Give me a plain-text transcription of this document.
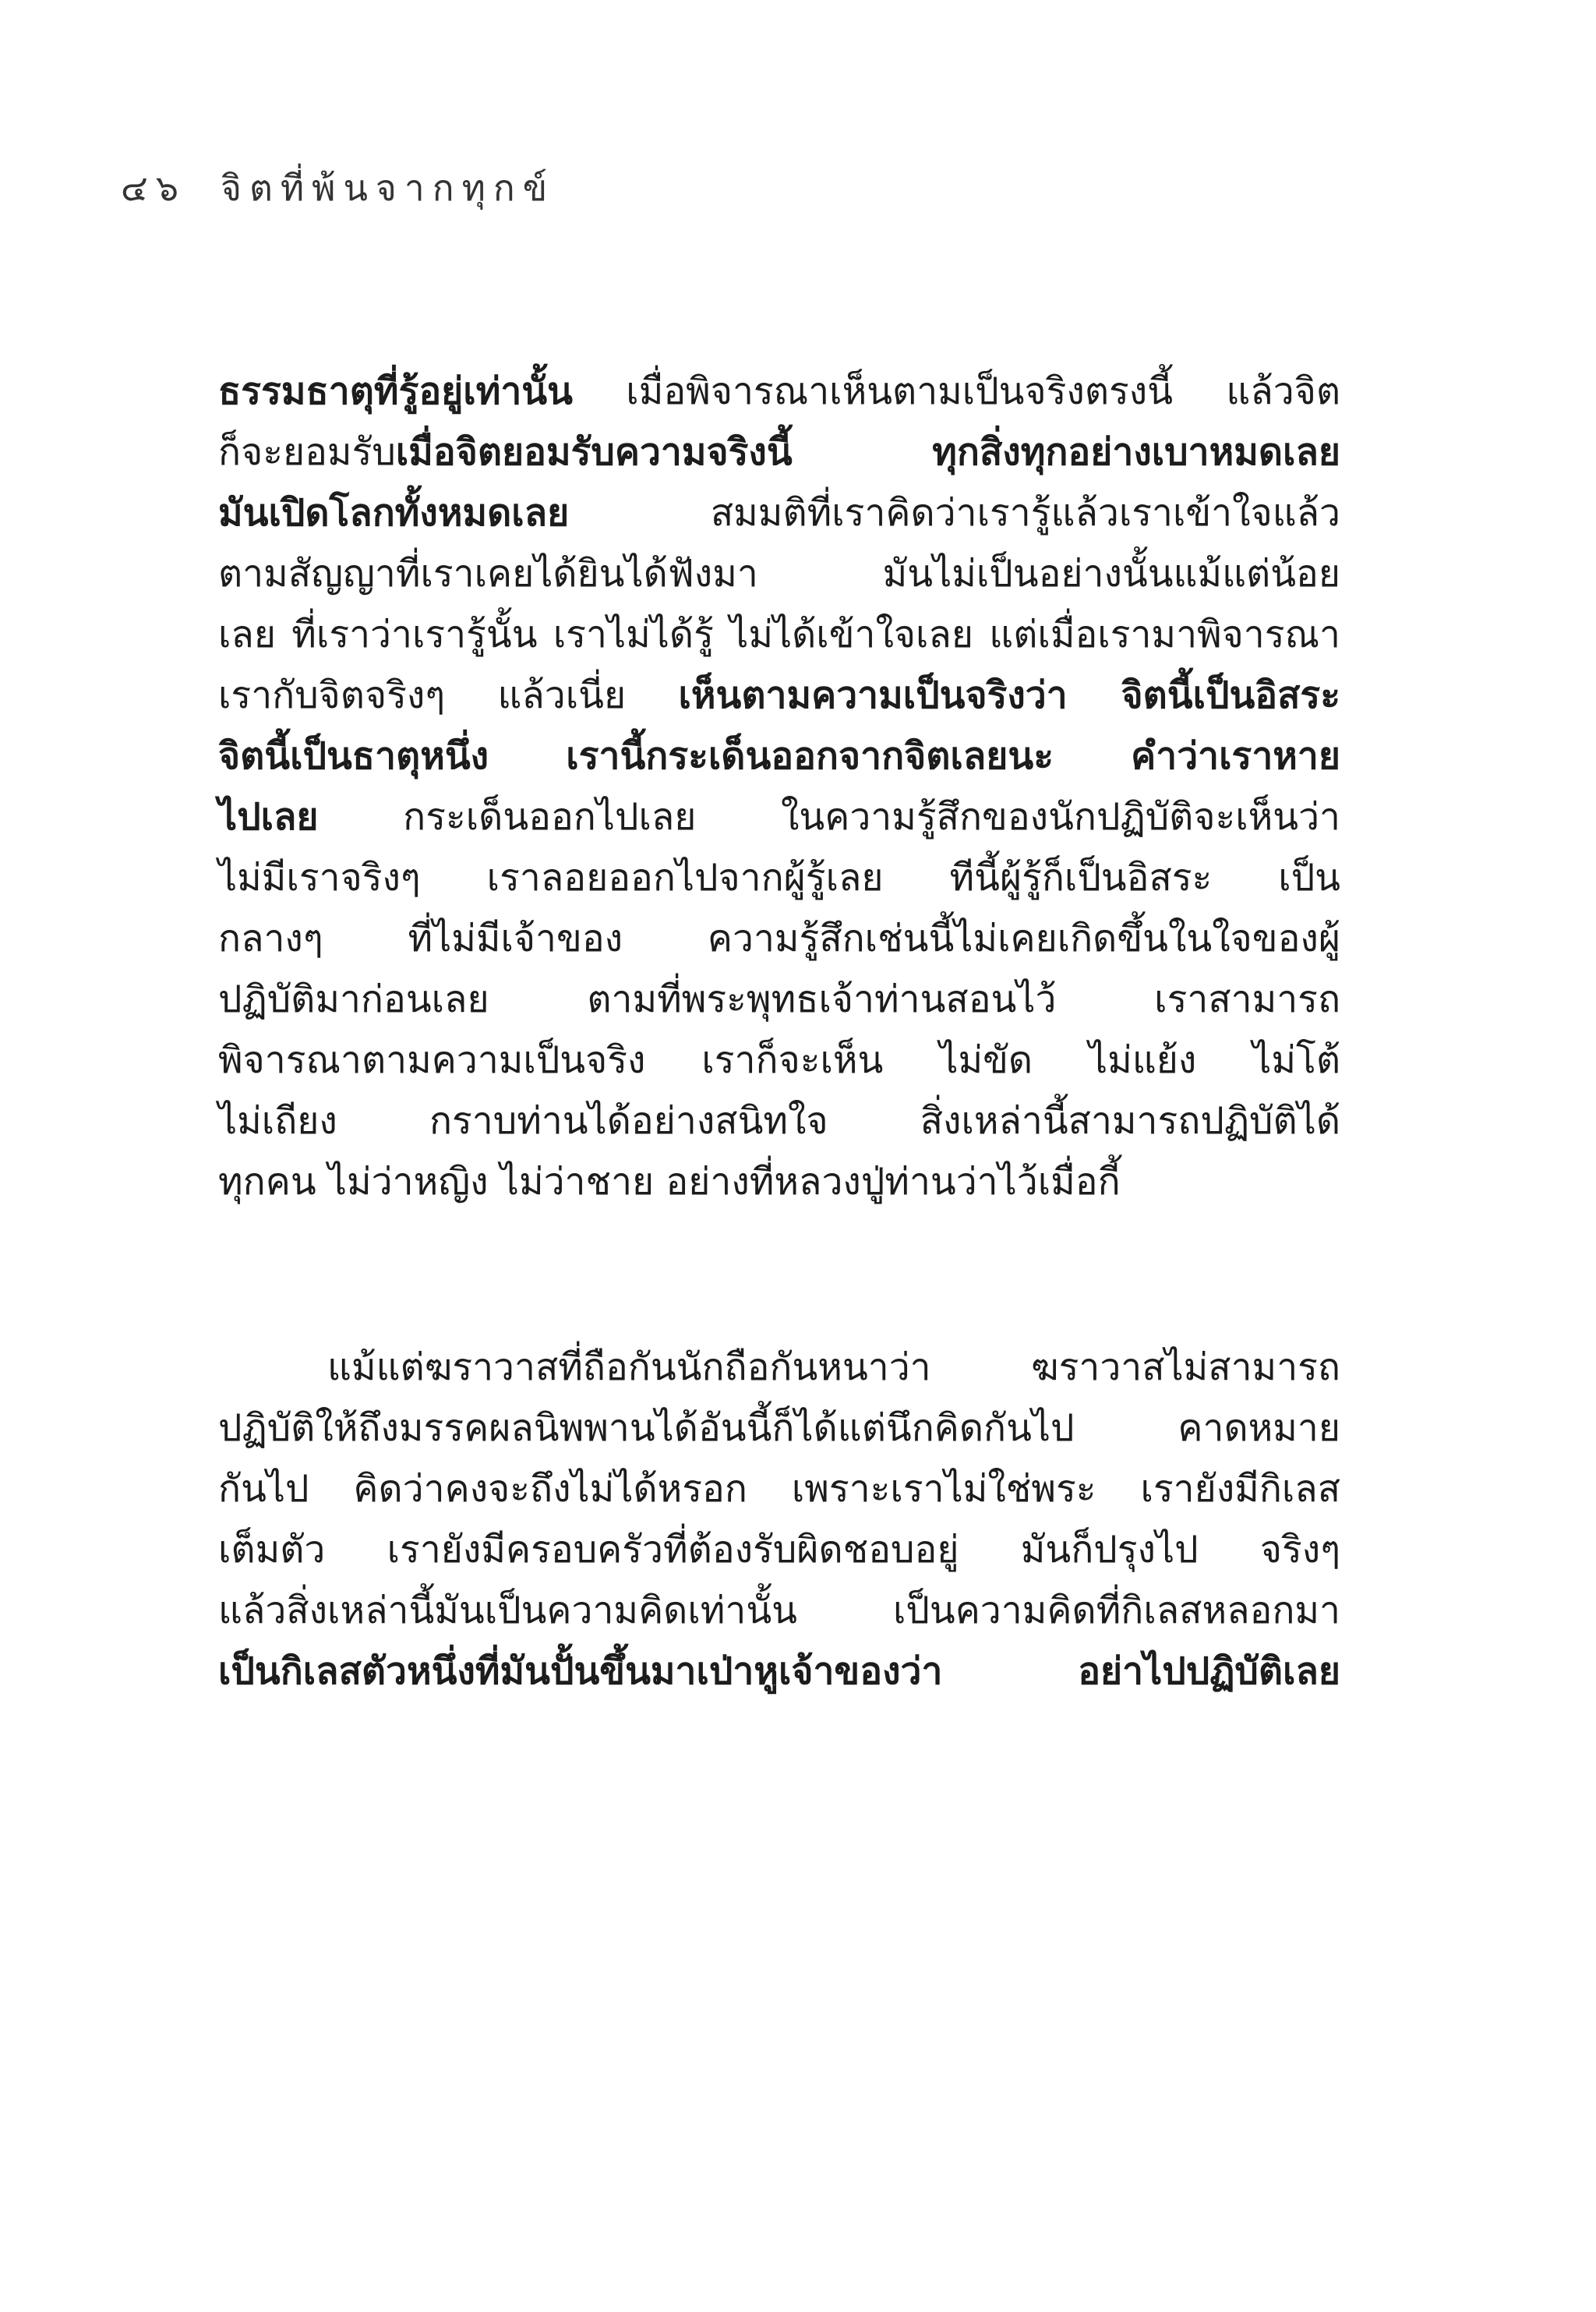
๔๖ จิตที่พ้นจากทุกข์
ธรรมธาตุที่รู้อยู่เท่านั้น เมื่อพิจารณาเห็นตามเป็นจริงตรงนี้ แล้วจิต
ก็จะยอมรับเมื่อจิตยอมรับความจริงนี้ ทุกสิ่งทุกอย่างเบาหมดเลย
มันเปิดโลกทั้งหมดเลย สมมติที่เราคิดว่าเรารู้แล้วเราเข้าใจแล้ว
ตามสัญญาที่เราเคยได้ยินได้ฟังมา มันไม่เป็นอย่างนั้นแม้แต่น้อย
เลย ที่เราว่าเรารู้นั้น เราไม่ได้รู้ ไม่ได้เข้าใจเลย แต่เมื่อเรามาพิจารณา
เรากับจิตจริงๆ แล้วเนี่ย เห็นตามความเป็นจริงว่า จิตนี้เป็นอิสระ
จิตนี้เป็นธาตุหนึ่ง เรานี้กระเด็นออกจากจิตเลยนะ คำว่าเราหาย
ไปเลย กระเด็นออกไปเลย ในความรู้สึกของนักปฏิบัติจะเห็นว่า
ไม่มีเราจริงๆ เราลอยออกไปจากผู้รู้เลย ทีนี้ผู้รู้ก็เป็นอิสระ เป็น
กลางๆ ที่ไม่มีเจ้าของ ความรู้สึกเช่นนี้ไม่เคยเกิดขึ้นในใจของผู้
ปฏิบัติมาก่อนเลย ตามที่พระพุทธเจ้าท่านสอนไว้ เราสามารถ
พิจารณาตามความเป็นจริง เราก็จะเห็น ไม่ขัด ไม่แย้ง ไม่โต้
ไม่เถียง กราบท่านได้อย่างสนิทใจ สิ่งเหล่านี้สามารถปฏิบัติได้
ทุกคน ไม่ว่าหญิง ไม่ว่าชาย อย่างที่หลวงปู่ท่านว่าไว้เมื่อกี้
แม้แต่ฆราวาสที่ถือกันนักถือกันหนาว่า ฆราวาสไม่สามารถ
ปฏิบัติให้ถึงมรรคผลนิพพานได้อันนี้ก็ได้แต่นึกคิดกันไป คาดหมาย
กันไป คิดว่าคงจะถึงไม่ได้หรอก เพราะเราไม่ใช่พระ เรายังมีกิเลส
เต็มตัว เรายังมีครอบครัวที่ต้องรับผิดชอบอยู่ มันก็ปรุงไป จริงๆ
แล้วสิ่งเหล่านี้มันเป็นความคิดเท่านั้น เป็นความคิดที่กิเลสหลอกมา
เป็นกิเลสตัวหนึ่งที่มันปั้นขึ้นมาเป่าหูเจ้าของว่า อย่าไปปฏิบัติเลย
